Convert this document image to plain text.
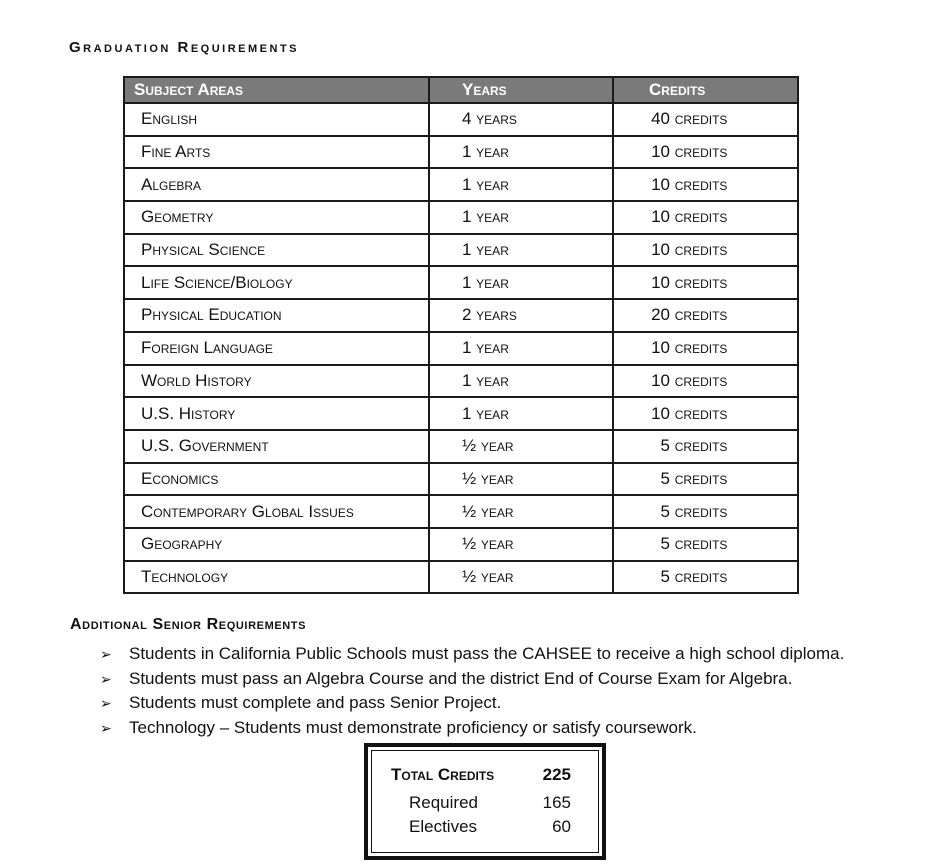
Graduation Requirements
Subject Areas	Years	Credits
English	4 years	40 credits
Fine Arts	1 year	10 credits
Algebra	1 year	10 credits
Geometry	1 year	10 credits
Physical Science	1 year	10 credits
Life Science/Biology	1 year	10 credits
Physical Education	2 years	20 credits
Foreign Language	1 year	10 credits
World History	1 year	10 credits
U.S. History	1 year	10 credits
U.S. Government	½ year	5 credits
Economics	½ year	5 credits
Contemporary Global Issues	½ year	5 credits
Geography	½ year	5 credits
Technology	½ year	5 credits
Additional Senior Requirements
➢	Students in California Public Schools must pass the CAHSEE to receive a high school diploma.
➢	Students must pass an Algebra Course and the district End of Course Exam for Algebra.
➢	Students must complete and pass Senior Project.
➢	Technology – Students must demonstrate proficiency or satisfy coursework.
Total Credits	225
Required	165
Electives	60
